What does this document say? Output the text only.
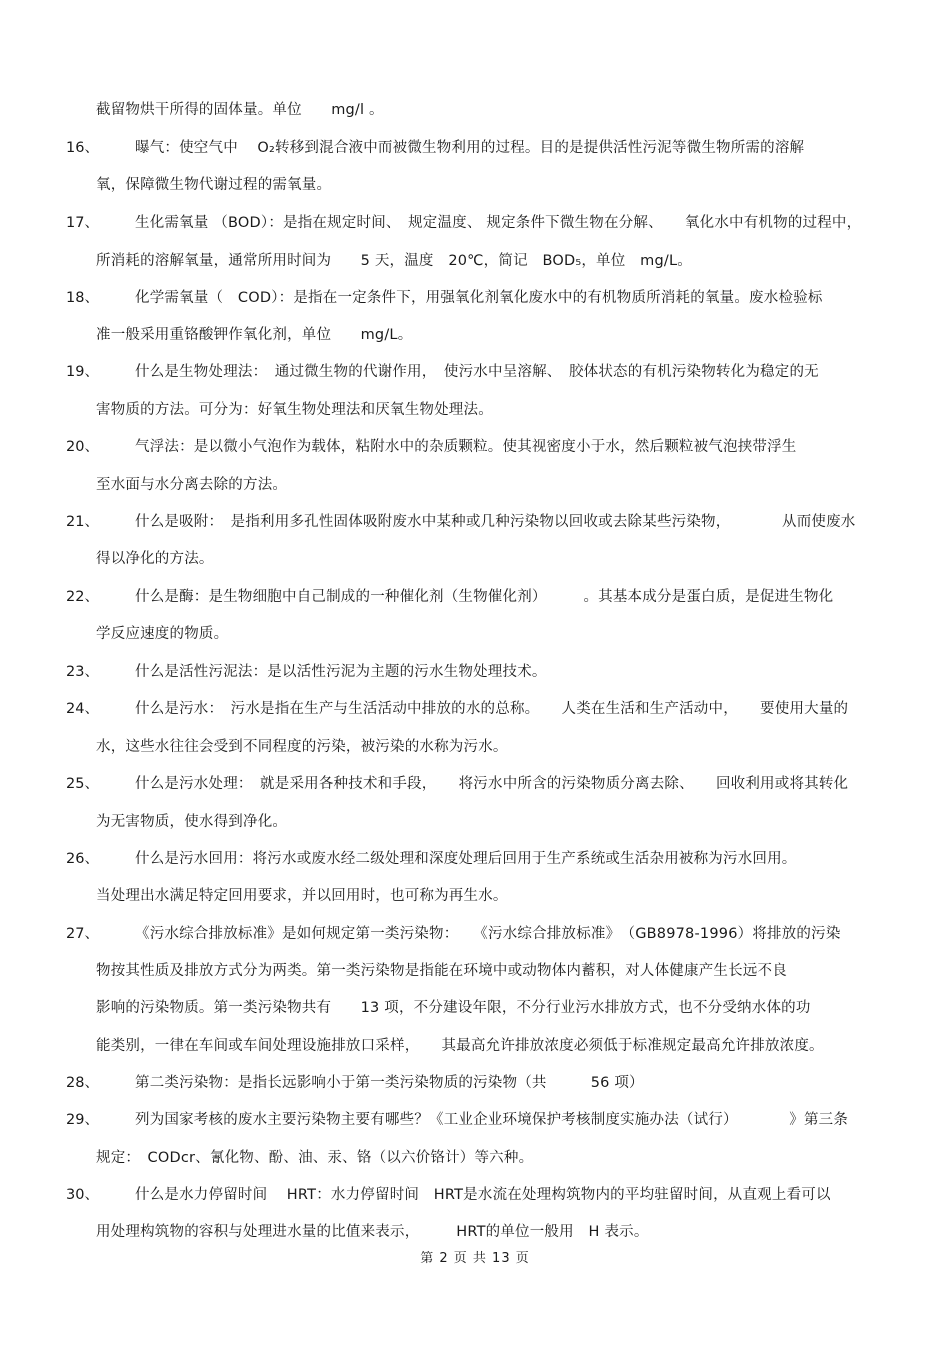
截留物烘干所得的固体量。单位　　mg/l 。
16、 曝气：使空气中　 O₂转移到混合液中而被微生物利用的过程。目的是提供活性污泥等微生物所需的溶解
氧，保障微生物代谢过程的需氧量。
17、 生化需氧量 （BOD）：是指在规定时间、　规定温度、 规定条件下微生物在分解、　　氧化水中有机物的过程中，
所消耗的溶解氧量，通常所用时间为　　5 天，温度　20℃，简记　BOD₅，单位　mg/L。
18、 化学需氧量（　COD）：是指在一定条件下，用强氧化剂氧化废水中的有机物质所消耗的氧量。废水检验标
准一般采用重铬酸钾作氧化剂，单位　　mg/L。
19、 什么是生物处理法：　通过微生物的代谢作用，　使污水中呈溶解、　胶体状态的有机污染物转化为稳定的无
害物质的方法。可分为：好氧生物处理法和厌氧生物处理法。
20、 气浮法：是以微小气泡作为载体，粘附水中的杂质颗粒。使其视密度小于水，然后颗粒被气泡挟带浮生
至水面与水分离去除的方法。
21、 什么是吸附：　是指利用多孔性固体吸附废水中某种或几种污染物以回收或去除某些污染物，　　　　从而使废水
得以净化的方法。
22、 什么是酶：是生物细胞中自己制成的一种催化剂（生物催化剂）　　　。其基本成分是蛋白质，是促进生物化
学反应速度的物质。
23、 什么是活性污泥法：是以活性污泥为主题的污水生物处理技术。
24、 什么是污水：　污水是指在生产与生活活动中排放的水的总称。　　人类在生活和生产活动中，　　要使用大量的
水，这些水往往会受到不同程度的污染，被污染的水称为污水。
25、 什么是污水处理：　就是采用各种技术和手段，　　将污水中所含的污染物质分离去除、　　回收利用或将其转化
为无害物质，使水得到净化。
26、 什么是污水回用：将污水或废水经二级处理和深度处理后回用于生产系统或生活杂用被称为污水回用。
当处理出水满足特定回用要求，并以回用时，也可称为再生水。
27、 《污水综合排放标准》是如何规定第一类污染物：　　《污水综合排放标准》　（GB8978-1996）将排放的污染
物按其性质及排放方式分为两类。第一类污染物是指能在环境中或动物体内蓄积，对人体健康产生长远不良
影响的污染物质。第一类污染物共有　　13 项，不分建设年限，不分行业污水排放方式，也不分受纳水体的功
能类别，一律在车间或车间处理设施排放口采样，　　其最高允许排放浓度必须低于标准规定最高允许排放浓度。
28、 第二类污染物：是指长远影响小于第一类污染物质的污染物（共　　　56 项）
29、 列为国家考核的废水主要污染物主要有哪些？《工业企业环境保护考核制度实施办法（试行）　　　　》第三条
规定：　CODcr、氰化物、酚、油、汞、铬（以六价铬计）等六种。
30、 什么是水力停留时间　 HRT：水力停留时间　HRT是水流在处理构筑物内的平均驻留时间，从直观上看可以
用处理构筑物的容积与处理进水量的比值来表示，　　　HRT的单位一般用　H 表示。
第 2 页 共 13 页
